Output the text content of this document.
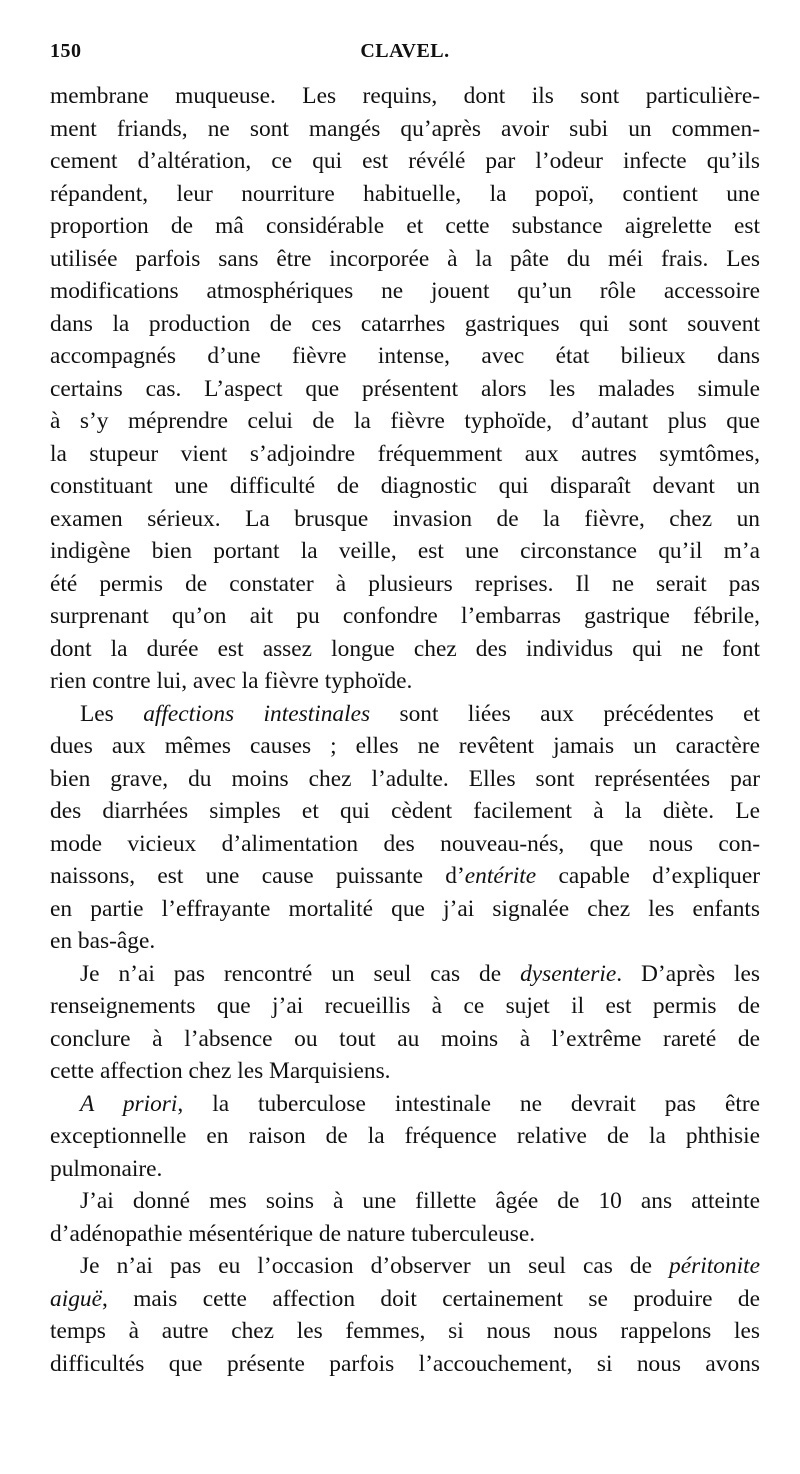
150	CLAVEL.
membrane muqueuse. Les requins, dont ils sont particulière-
ment friands, ne sont mangés qu’après avoir subi un commen-
cement d’altération, ce qui est révélé par l’odeur infecte qu’ils
répandent, leur nourriture habituelle, la popoï, contient une
proportion de mâ considérable et cette substance aigrelette est
utilisée parfois sans être incorporée à la pâte du méi frais. Les
modifications atmosphériques ne jouent qu’un rôle accessoire
dans la production de ces catarrhes gastriques qui sont souvent
accompagnés d’une fièvre intense, avec état bilieux dans
certains cas. L’aspect que présentent alors les malades simule
à s’y méprendre celui de la fièvre typhoïde, d’autant plus que
la stupeur vient s’adjoindre fréquemment aux autres symtômes,
constituant une difficulté de diagnostic qui disparaît devant un
examen sérieux. La brusque invasion de la fièvre, chez un
indigène bien portant la veille, est une circonstance qu’il m’a
été permis de constater à plusieurs reprises. Il ne serait pas
surprenant qu’on ait pu confondre l’embarras gastrique fébrile,
dont la durée est assez longue chez des individus qui ne font
rien contre lui, avec la fièvre typhoïde.
Les affections intestinales sont liées aux précédentes et
dues aux mêmes causes ; elles ne revêtent jamais un caractère
bien grave, du moins chez l’adulte. Elles sont représentées par
des diarrhées simples et qui cèdent facilement à la diète. Le
mode vicieux d’alimentation des nouveau-nés, que nous con-
naissons, est une cause puissante d’entérite capable d’expliquer
en partie l’effrayante mortalité que j’ai signalée chez les enfants
en bas-âge.
Je n’ai pas rencontré un seul cas de dysenterie. D’après les
renseignements que j’ai recueillis à ce sujet il est permis de
conclure à l’absence ou tout au moins à l’extrême rareté de
cette affection chez les Marquisiens.
A priori, la tuberculose intestinale ne devrait pas être
exceptionnelle en raison de la fréquence relative de la phthisie
pulmonaire.
J’ai donné mes soins à une fillette âgée de 10 ans atteinte
d’adénopathie mésentérique de nature tuberculeuse.
Je n’ai pas eu l’occasion d’observer un seul cas de péritonite
aiguë, mais cette affection doit certainement se produire de
temps à autre chez les femmes, si nous nous rappelons les
difficultés que présente parfois l’accouchement, si nous avons
